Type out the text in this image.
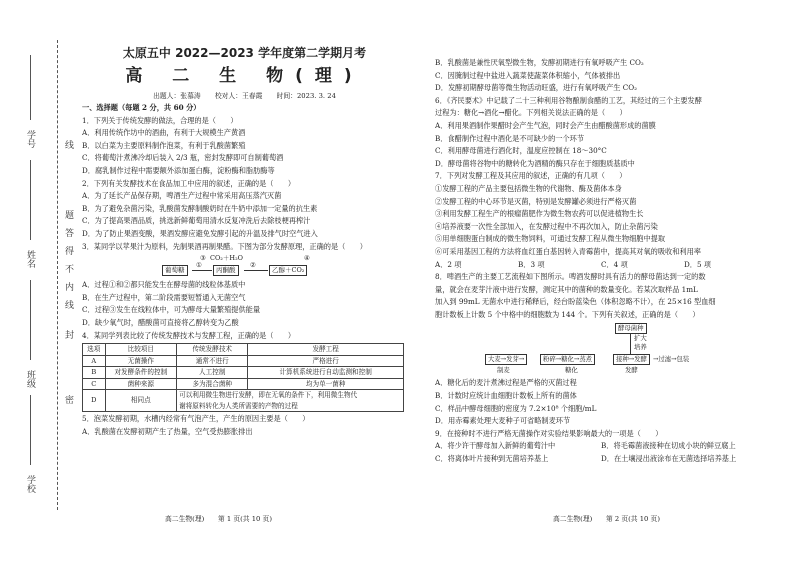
学号
姓名
班级
学校
线
题
答
得
不
内
线
封
密

太原五中 2022—2023 学年度第二学期月考

高 二 生 物(理)

出题人：张慕涛 校对人：王春霞 时间：2023. 3. 24

一、选择题（每题 2 分，共 60 分）

1．下列关于传统发酵的做法，合理的是（　　）

A．利用传统作坊中的酒曲，有利于大规模生产黄酒

B．以白菜为主要原料制作泡菜，有利于乳酸菌繁殖

C．将葡萄汁煮沸冷却后装入 2/3 瓶，密封发酵即可自制葡萄酒

D．腐乳制作过程中需要额外添加蛋白酶，淀粉酶和脂肪酶等

2．下列有关发酵技术在食品加工中应用的叙述，正确的是（　　）

A．为了延长产品保存期，啤酒生产过程中常采用高压蒸汽灭菌

B．为了避免杂菌污染，乳酸菌发酵制酸奶时在牛奶中添加一定量的抗生素

C．为了提高果酒品质，挑选新鲜葡萄用清水反复冲洗后去除枝梗再榨汁

D．为了防止果酒变酸，果酒发酵应避免发酵引起的升温及排气时空气进入

3．某同学以苹果汁为原料，先制果酒再制果醋。下图为部分发酵原理，正确的是（　　）

CO₂＋H₂O
③
葡萄糖
①
丙酮酸
②
乙醇＋CO₂
④

A．过程①和②都只能发生在酵母菌的线粒体基质中

B．在生产过程中，第二阶段需要短暂通入无菌空气

C．过程③发生在线粒体中，可为酵母大量繁殖提供能量

D．缺少氧气时，醋酸菌可直接将乙醇转变为乙酸

4．某同学列表比较了传统发酵技术与发酵工程，正确的是（　　）

选项	比较项目	传统发酵技术	发酵工程
A	无菌操作	通常不进行	严格进行
B	对发酵条件的控制	人工控制	计算机系统进行自动监测和控制
C	菌种来源	多为混合菌种	均为单一菌种
D	相同点	可以利用微生物进行发酵，即在无氧的条件下，利用微生物代
谢将原料转化为人类所需要的产物的过程	

5．泡菜发酵初期，水槽内经常有气泡产生，产生的原因主要是（　　）

A．乳酸菌在发酵初期产生了热量，空气受热膨胀排出

B．乳酸菌是兼性厌氧型微生物，发酵初期进行有氧呼吸产生 CO₂

C．因腌制过程中盐进入蔬菜使蔬菜体积缩小，气体被排出

D．发酵初期酵母菌等微生物活动旺盛，进行有氧呼吸产生 CO₂

6．《齐民要术》中记载了二十三种利用谷物酿制食醋的工艺，其经过的三个主要发酵

过程为：糖化→酒化→醋化。下列相关说法正确的是（　　）

A．利用果酒制作果醋时会产生气泡，同时会产生由醋酸菌形成的菌膜

B．食醋制作过程中酒化是不可缺少的一个环节

C．利用酵母菌进行酒化时，温度应控制在 18～30°C

D．酵母菌将谷物中的糖转化为酒精的酶只存在于细胞质基质中

7．下列对发酵工程及其应用的叙述，正确的有几项（　　）

①发酵工程的产品主要包括微生物的代谢物、酶及菌体本身

②发酵工程的中心环节是灭菌，特别是发酵罐必须进行严格灭菌

③利用发酵工程生产的根瘤菌肥作为微生物农药可以促进植物生长

④培养液要一次性全部加入，在发酵过程中不再次加入，防止杂菌污染

⑤用单细胞蛋白制成的微生物饲料，可通过发酵工程从微生物细胞中提取

⑥可采用基因工程的方法将血红蛋白基因转入青霉菌中，提高其对氧的吸收和利用率

A．2 项	B．3 项	C．4 项	D．5 项

8．啤酒生产的主要工艺流程如下图所示。啤酒发酵时具有活力的酵母菌达到一定的数

量，就会在麦芽汁液中进行发酵，测定其中的菌种的数量变化。若某次取样品 1mL

加入到 99mL 无菌水中进行稀释后，经台盼蓝染色（体积忽略不计），在 25×16 型血细

胞计数板上计数 5 个中格中的细胞数为 144 个。下列有关叙述，正确的是（　　）

酵母菌种
扩大
培养
大麦→发芽→	粉碎→糖化→蒸煮	接种→发酵 →过滤→包装
制麦	糖化	发酵

A．糖化后的麦汁煮沸过程是严格的灭菌过程

B．计数时应统计血细胞计数板上所有的菌体

C．样品中酵母细胞的密度为 7.2×10⁸ 个细胞/mL

D．用赤霉素处理大麦种子可省略制麦环节

9．在接种时不进行严格无菌操作对实验结果影响最大的一项是（　　）

A．将少许干酵母加入新鲜的葡萄汁中	B．将毛霉菌液接种在切成小块的鲜豆腐上

C．将离体叶片接种到无菌培养基上	D．在土壤浸出液涂布在无菌选择培养基上

高二生物(理)　　第 1 页(共 10 页)	高二生物(理)　　第 2 页(共 10 页)
